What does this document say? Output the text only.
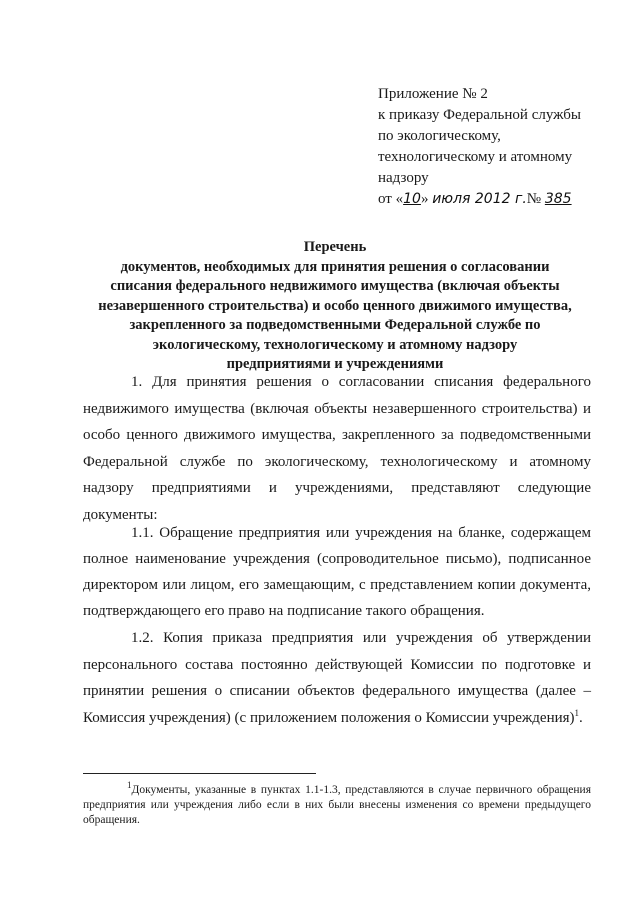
Приложение № 2
к приказу Федеральной службы
по экологическому,
технологическому и атомному
надзору
от «10» июля 2012 г.№ 385
Перечень
документов, необходимых для принятия решения о согласовании
списания федерального недвижимого имущества (включая объекты
незавершенного строительства) и особо ценного движимого имущества,
закрепленного за подведомственными Федеральной службе по
экологическому, технологическому и атомному надзору
предприятиями и учреждениями

1. Для принятия решения о согласовании списания федерального недвижимого имущества (включая объекты незавершенного строительства) и особо ценного движимого имущества, закрепленного за подведомственными Федеральной службе по экологическому, технологическому и атомному надзору предприятиями и учреждениями, представляют следующие документы:

1.1. Обращение предприятия или учреждения на бланке, содержащем полное наименование учреждения (сопроводительное письмо), подписанное директором или лицом, его замещающим, с представлением копии документа, подтверждающего его право на подписание такого обращения.

1.2. Копия приказа предприятия или учреждения об утверждении персонального состава постоянно действующей Комиссии по подготовке и принятии решения о списании объектов федерального имущества (далее – Комиссия учреждения) (с приложением положения о Комиссии учреждения)$^1$.

$^1$Документы, указанные в пунктах 1.1-1.3, представляются в случае первичного обращения предприятия или учреждения либо если в них были внесены изменения со времени предыдущего обращения.
